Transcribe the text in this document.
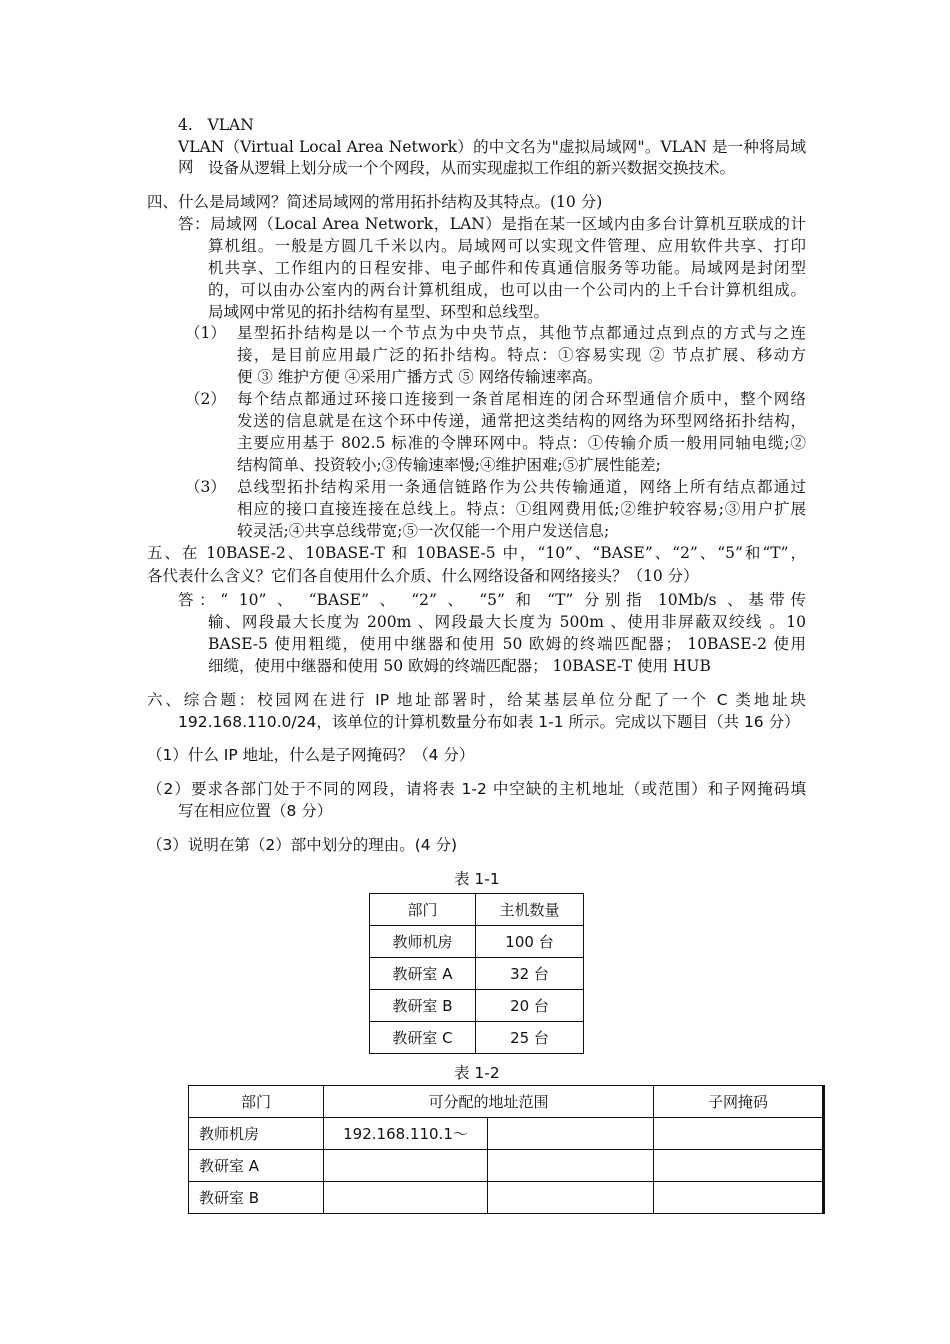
4.   VLAN
VLAN（Virtual Local Area Network）的中文名为"虚拟局域网"。VLAN 是一种将局域网 设备从逻辑上划分成一个个网段，从而实现虚拟工作组的新兴数据交换技术。
四、什么是局域网？简述局域网的常用拓扑结构及其特点。(10 分)
答：局域网（Local Area Network，LAN）是指在某一区域内由多台计算机互联成的计
算机组。一般是方圆几千米以内。局域网可以实现文件管理、应用软件共享、打印
机共享、工作组内的日程安排、电子邮件和传真通信服务等功能。局域网是封闭型
的，可以由办公室内的两台计算机组成，也可以由一个公司内的上千台计算机组成。
局域网中常见的拓扑结构有星型、环型和总线型。
（1） 星型拓扑结构是以一个节点为中央节点，其他节点都通过点到点的方式与之连
接，是目前应用最广泛的拓扑结构。特点：①容易实现 ② 节点扩展、移动方
便 ③ 维护方便 ④采用广播方式 ⑤ 网络传输速率高。
（2） 每个结点都通过环接口连接到一条首尾相连的闭合环型通信介质中，整个网络
发送的信息就是在这个环中传递，通常把这类结构的网络为环型网络拓扑结构，
主要应用基于 802.5 标准的令牌环网中。特点：①传输介质一般用同轴电缆;②
结构简单、投资较小;③传输速率慢;④维护困难;⑤扩展性能差;
（3） 总线型拓扑结构采用一条通信链路作为公共传输通道，网络上所有结点都通过
相应的接口直接连接在总线上。特点：①组网费用低;②维护较容易;③用户扩展
较灵活;④共享总线带宽;⑤一次仅能一个用户发送信息;
五、在 10BASE-2、10BASE-T 和 10BASE-5 中，“10”、“BASE”、“2”、“5”和“T”，
各代表什么含义？它们各自使用什么介质、什么网络设备和网络接头？（10 分）
答：“ 10” 、 “BASE” 、 “2” 、 “5” 和 “T” 分别指 10Mb/s 、基带传
输、网段最大长度为 200m 、网段最大长度为 500m 、使用非屏蔽双绞线 。10
BASE-5 使用粗缆，使用中继器和使用 50 欧姆的终端匹配器； 10BASE-2 使用
细缆，使用中继器和使用 50 欧姆的终端匹配器； 10BASE-T 使用 HUB
六、综合题：校园网在进行 IP 地址部署时，给某基层单位分配了一个 C 类地址块
192.168.110.0/24，该单位的计算机数量分布如表 1-1 所示。完成以下题目（共 16 分）
（1）什么 IP 地址，什么是子网掩码？（4 分）
（2）要求各部门处于不同的网段，请将表 1-2 中空缺的主机地址（或范围）和子网掩码填
写在相应位置（8 分）
（3）说明在第（2）部中划分的理由。(4 分)
表 1-1
部门	主机数量
教师机房	100 台
教研室 A	32 台
教研室 B	20 台
教研室 C	25 台
表 1-2
部门	可分配的地址范围		子网掩码
教师机房	192.168.110.1～		
教研室 A			
教研室 B			
